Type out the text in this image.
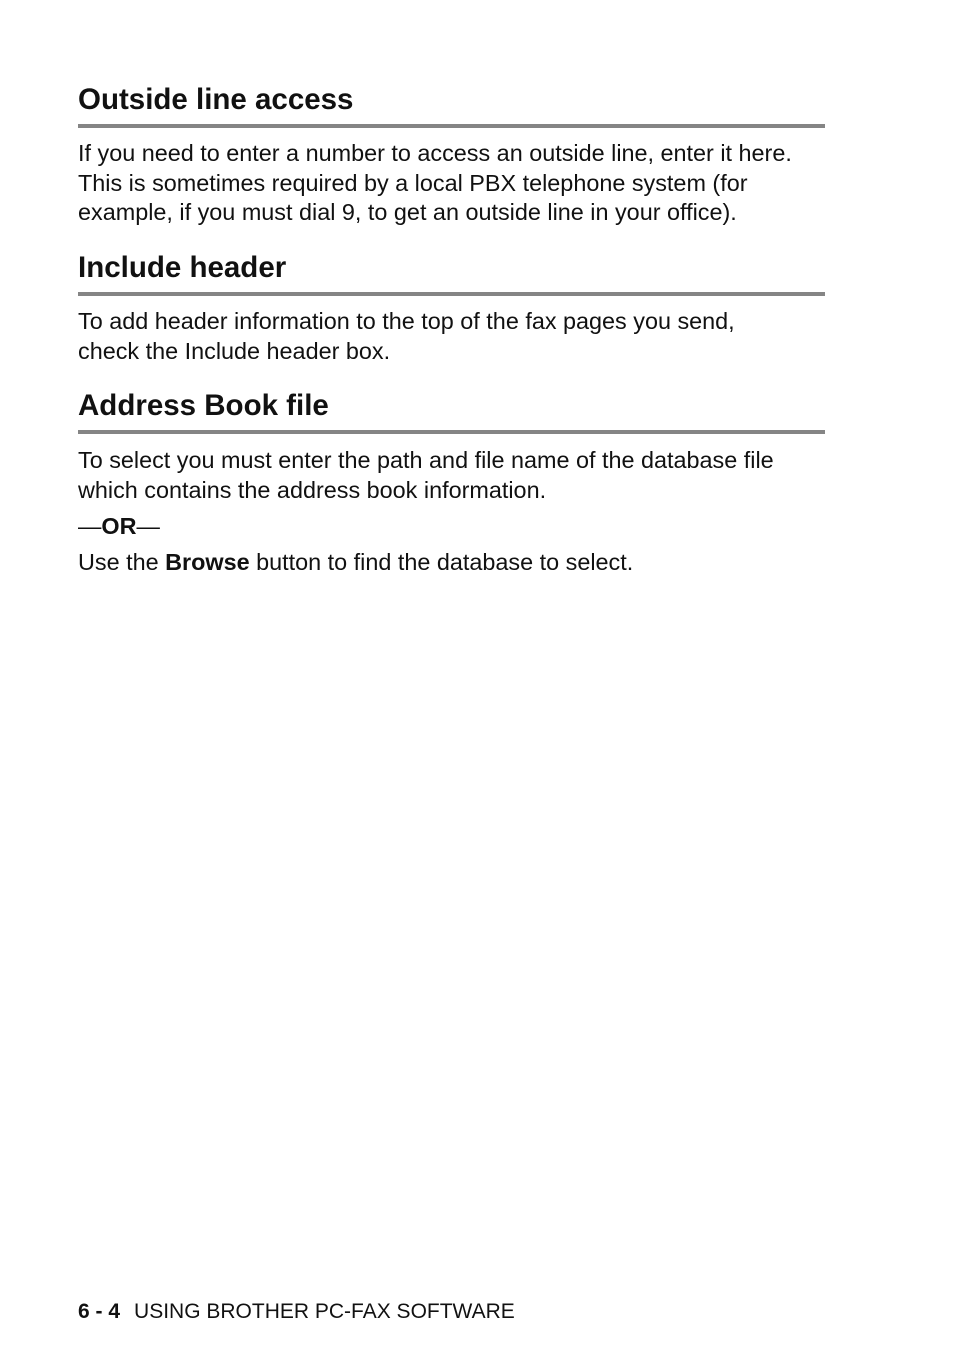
Outside line access

If you need to enter a number to access an outside line, enter it here.
This is sometimes required by a local PBX telephone system (for
example, if you must dial 9, to get an outside line in your office).

Include header

To add header information to the top of the fax pages you send,
check the Include header box.

Address Book file

To select you must enter the path and file name of the database file
which contains the address book information.

—OR—

Use the Browse button to find the database to select.

6 - 4 USING BROTHER PC-FAX SOFTWARE
